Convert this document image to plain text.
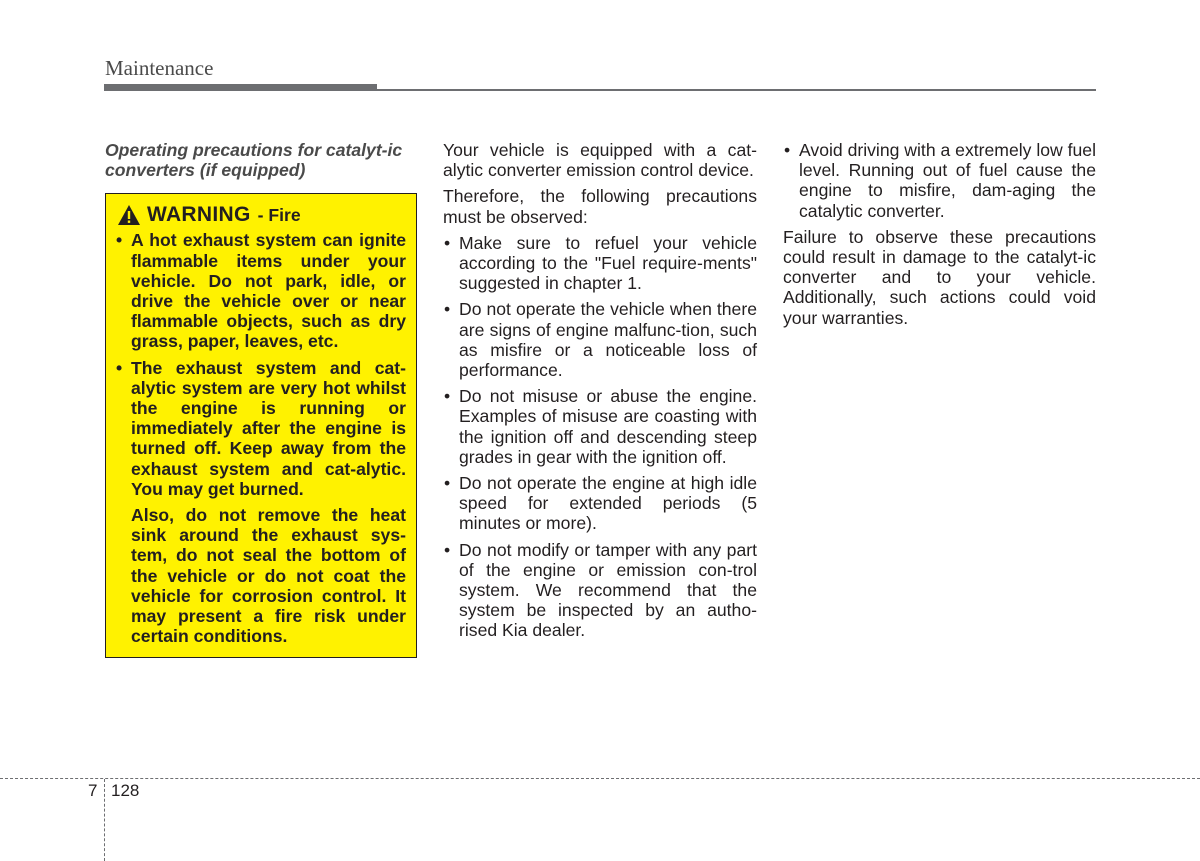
Maintenance
Operating precautions for catalyt-ic converters (if equipped)
WARNING - Fire
• A hot exhaust system can ignite flammable items under your vehicle. Do not park, idle, or drive the vehicle over or near flammable objects, such as dry grass, paper, leaves, etc.
• The exhaust system and cat-alytic system are very hot whilst the engine is running or immediately after the engine is turned off. Keep away from the exhaust system and cat-alytic. You may get burned.
Also, do not remove the heat sink around the exhaust sys-tem, do not seal the bottom of the vehicle or do not coat the vehicle for corrosion control. It may present a fire risk under certain conditions.

Your vehicle is equipped with a cat-alytic converter emission control device.

Therefore, the following precautions must be observed:

• Make sure to refuel your vehicle according to the "Fuel require-ments" suggested in chapter 1.
• Do not operate the vehicle when there are signs of engine malfunc-tion, such as misfire or a noticeable loss of performance.
• Do not misuse or abuse the engine. Examples of misuse are coasting with the ignition off and descending steep grades in gear with the ignition off.
• Do not operate the engine at high idle speed for extended periods (5 minutes or more).
• Do not modify or tamper with any part of the engine or emission con-trol system. We recommend that the system be inspected by an autho-rised Kia dealer.
• Avoid driving with a extremely low fuel level. Running out of fuel cause the engine to misfire, dam-aging the catalytic converter.

Failure to observe these precautions could result in damage to the catalyt-ic converter and to your vehicle. Additionally, such actions could void your warranties.

7 128
